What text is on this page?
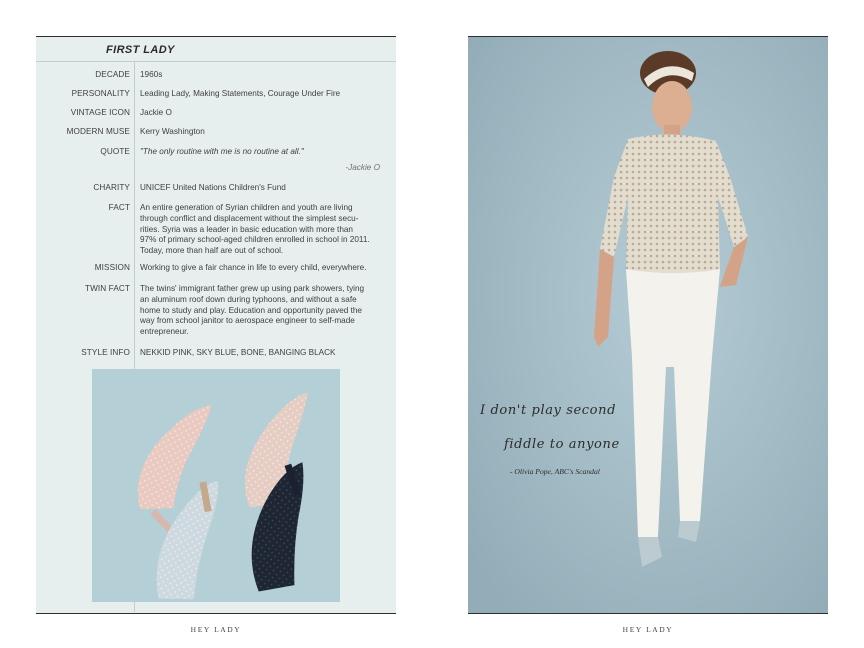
FIRST LADY
DECADE 1960s
PERSONALITY Leading Lady, Making Statements, Courage Under Fire
VINTAGE ICON Jackie O
MODERN MUSE Kerry Washington
QUOTE "The only routine with me is no routine at all."
-Jackie O
CHARITY UNICEF United Nations Children's Fund
FACT An entire generation of Syrian children and youth are living
through conflict and displacement without the simplest secu-
rities. Syria was a leader in basic education with more than
97% of primary school-aged children enrolled in school in 2011.
Today, more than half are out of school.
MISSION Working to give a fair chance in life to every child, everywhere.
TWIN FACT The twins' immigrant father grew up using park showers, tying
an aluminum roof down during typhoons, and without a safe
home to study and play. Education and opportunity paved the
way from school janitor to aerospace engineer to self-made
entrepreneur.
STYLE INFO NEKKID PINK, SKY BLUE, BONE, BANGING BLACK
HEY LADY
I don't play second
fiddle to anyone
- Olivia Pope, ABC's Scandal
HEY LADY
